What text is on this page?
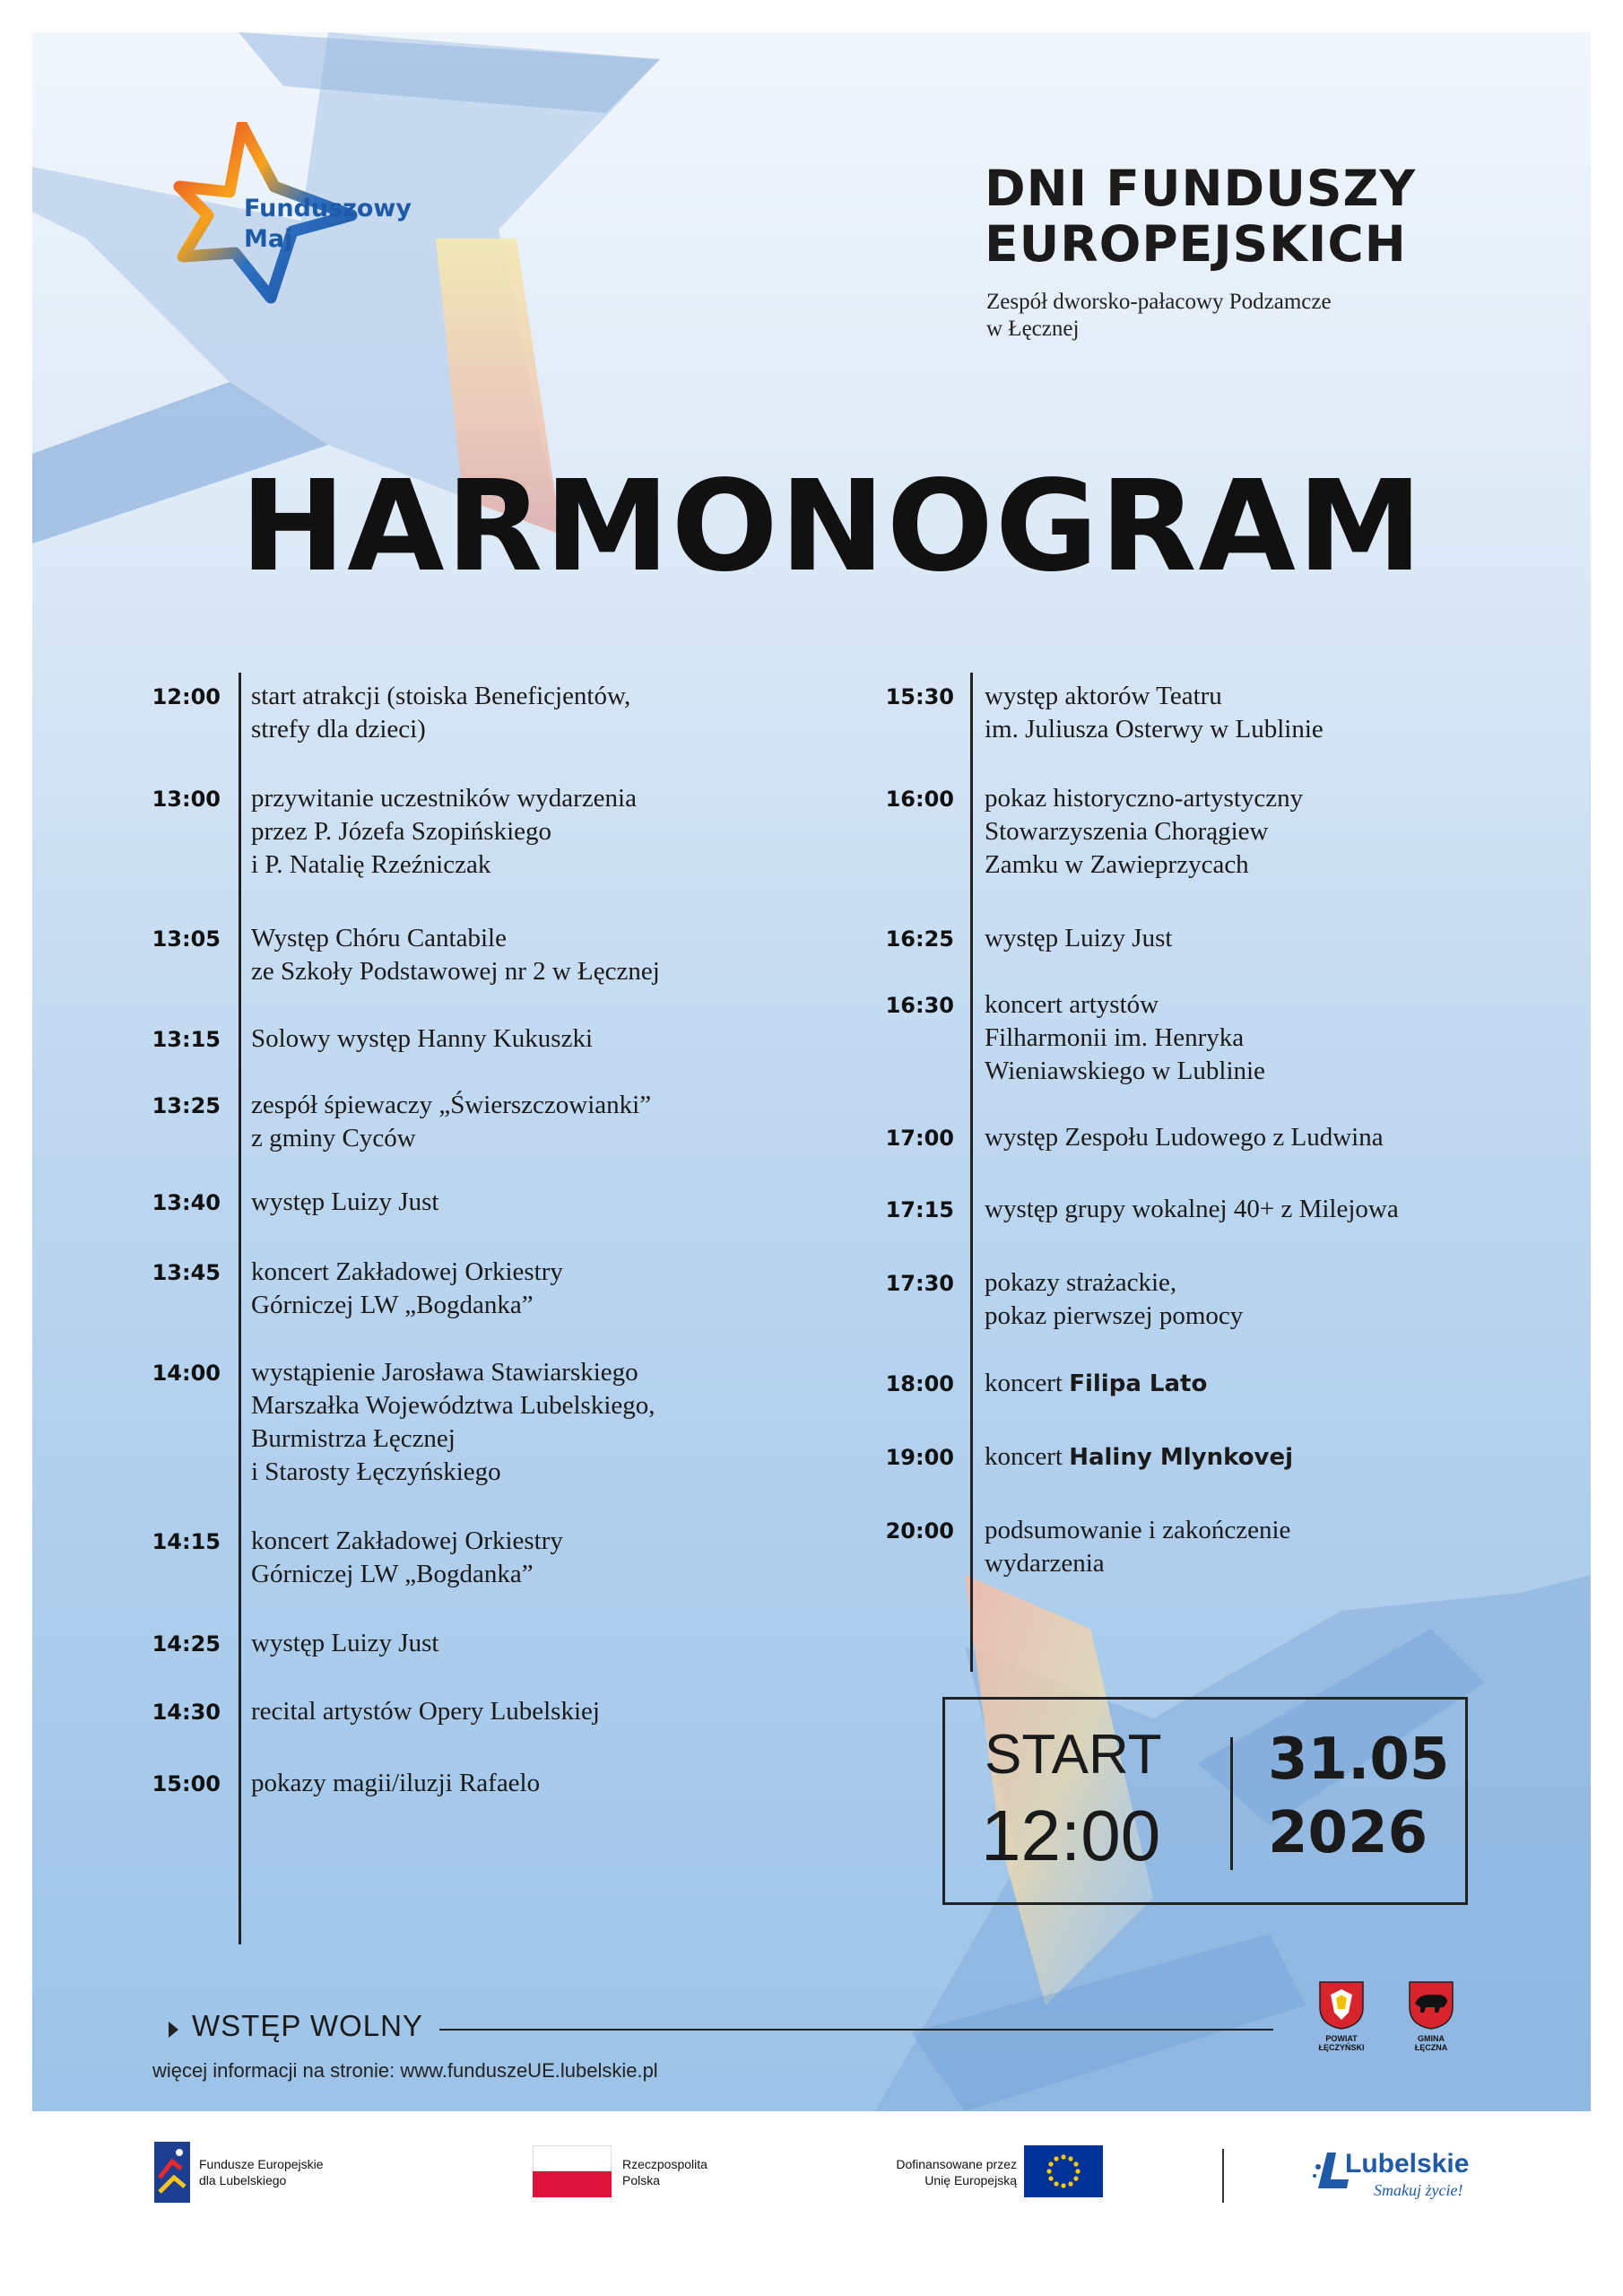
Funduszowy
Maj
DNI FUNDUSZY
EUROPEJSKICH
Zespół dworsko-pałacowy Podzamcze
w Łęcznej
HARMONOGRAM
12:00 start atrakcji (stoiska Beneficjentów,
strefy dla dzieci)
13:00 przywitanie uczestników wydarzenia
przez P. Józefa Szopińskiego
i P. Natalię Rzeźniczak
13:05 Występ Chóru Cantabile
ze Szkoły Podstawowej nr 2 w Łęcznej
13:15 Solowy występ Hanny Kukuszki
13:25 zespół śpiewaczy „Świerszczowianki”
z gminy Cyców
13:40 występ Luizy Just
13:45 koncert Zakładowej Orkiestry
Górniczej LW „Bogdanka”
14:00 wystąpienie Jarosława Stawiarskiego
Marszałka Województwa Lubelskiego,
Burmistrza Łęcznej
i Starosty Łęczyńskiego
14:15 koncert Zakładowej Orkiestry
Górniczej LW „Bogdanka”
14:25 występ Luizy Just
14:30 recital artystów Opery Lubelskiej
15:00 pokazy magii/iluzji Rafaelo
15:30 występ aktorów Teatru
im. Juliusza Osterwy w Lublinie
16:00 pokaz historyczno-artystyczny
Stowarzyszenia Chorągiew
Zamku w Zawieprzycach
16:25 występ Luizy Just
16:30 koncert artystów
Filharmonii im. Henryka
Wieniawskiego w Lublinie
17:00 występ Zespołu Ludowego z Ludwina
17:15 występ grupy wokalnej 40+ z Milejowa
17:30 pokazy strażackie,
pokaz pierwszej pomocy
18:00 koncert Filipa Lato
19:00 koncert Haliny Mlynkovej
20:00 podsumowanie i zakończenie
wydarzenia
START
12:00
31.05
2026
WSTĘP WOLNY
więcej informacji na stronie: www.funduszeUE.lubelskie.pl
POWIAT
ŁĘCZYŃSKI
GMINA
ŁĘCZNA
Fundusze Europejskie
dla Lubelskiego
Rzeczpospolita
Polska
Dofinansowane przez
Unię Europejską
Lubelskie
Smakuj życie!
